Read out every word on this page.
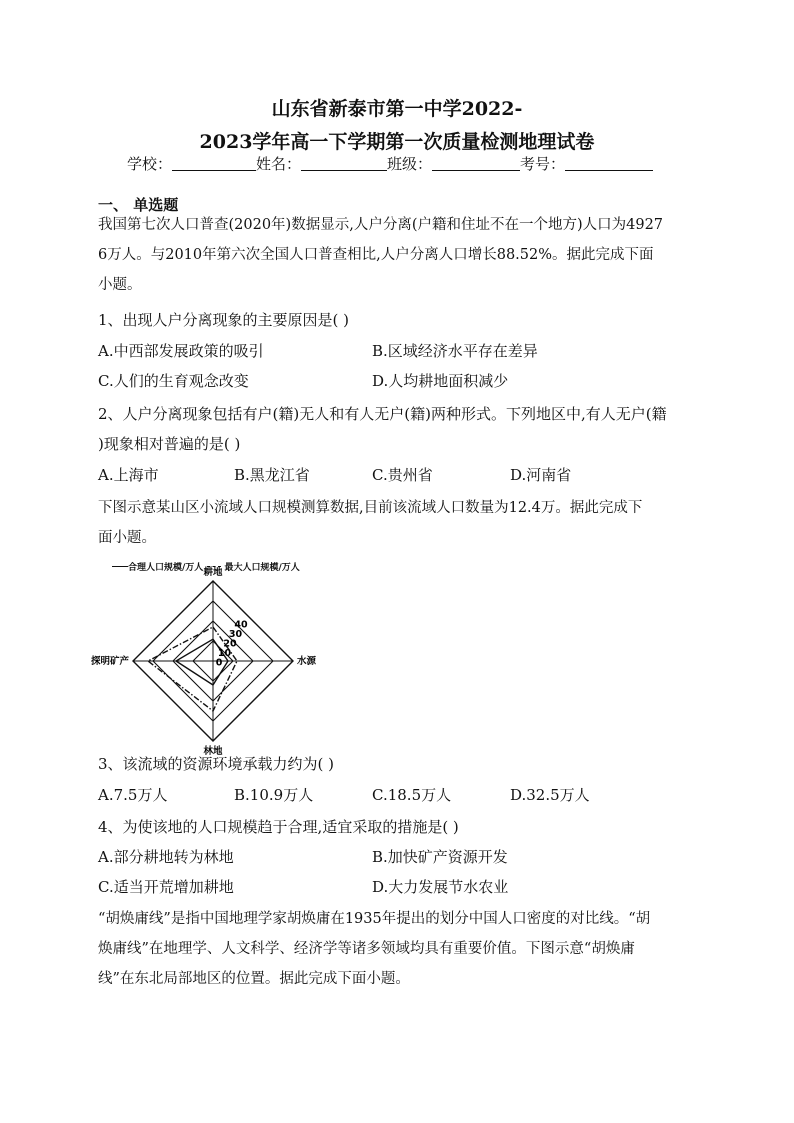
山东省新泰市第一中学2022-
2023学年高一下学期第一次质量检测地理试卷
学校：	姓名：	班级：	考号：
一、 单选题
我国第七次人口普查(2020年)数据显示,人户分离(户籍和住址不在一个地方)人口为4927
6万人。与2010年第六次全国人口普查相比,人户分离人口增长88.52%。据此完成下面
小题。
1、出现人户分离现象的主要原因是( )
A.中西部发展政策的吸引	B.区域经济水平存在差异
C.人们的生育观念改变	D.人均耕地面积减少
2、人户分离现象包括有户(籍)无人和有人无户(籍)两种形式。下列地区中,有人无户(籍
)现象相对普遍的是( )
A.上海市	B.黑龙江省	C.贵州省	D.河南省
下图示意某山区小流域人口规模测算数据,目前该流域人口数量为12.4万。据此完成下
面小题。
合理人口规模/万人 最大人口规模/万人
0
10
20
30
40
耕地
水源
林地
探明矿产
3、该流域的资源环境承载力约为( )
A.7.5万人	B.10.9万人	C.18.5万人	D.32.5万人
4、为使该地的人口规模趋于合理,适宜采取的措施是( )
A.部分耕地转为林地	B.加快矿产资源开发
C.适当开荒增加耕地	D.大力发展节水农业
“胡焕庸线”是指中国地理学家胡焕庸在1935年提出的划分中国人口密度的对比线。“胡
焕庸线”在地理学、人文科学、经济学等诸多领域均具有重要价值。下图示意“胡焕庸
线”在东北局部地区的位置。据此完成下面小题。
